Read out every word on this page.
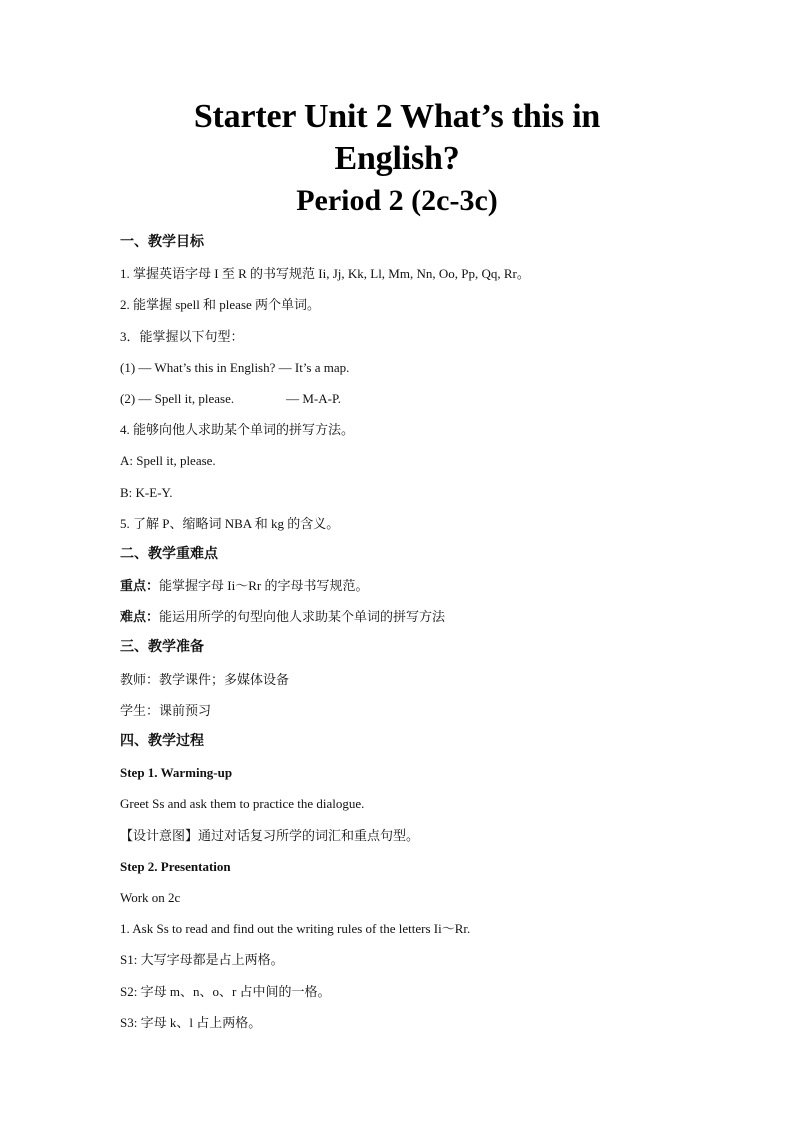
Starter Unit 2 What’s this in
English?
Period 2 (2c-3c)
一、教学目标
1. 掌握英语字母 I 至 R 的书写规范 Ii, Jj, Kk, Ll, Mm, Nn, Oo, Pp, Qq, Rr。
2. 能掌握 spell 和 please 两个单词。
3．能掌握以下句型：
(1) — What’s this in English? — It’s a map.
(2) — Spell it, please.	— M-A-P.
4. 能够向他人求助某个单词的拼写方法。
A: Spell it, please.
B: K-E-Y.
5. 了解 P、缩略词 NBA 和 kg 的含义。
二、教学重难点
重点：能掌握字母 Ii～Rr 的字母书写规范。
难点：能运用所学的句型向他人求助某个单词的拼写方法
三、教学准备
教师：教学课件；多媒体设备
学生：课前预习
四、教学过程
Step 1. Warming-up
Greet Ss and ask them to practice the dialogue.
【设计意图】通过对话复习所学的词汇和重点句型。
Step 2. Presentation
Work on 2c
1. Ask Ss to read and find out the writing rules of the letters Ii～Rr.
S1: 大写字母都是占上两格。
S2: 字母 m、n、o、r 占中间的一格。
S3: 字母 k、l 占上两格。
